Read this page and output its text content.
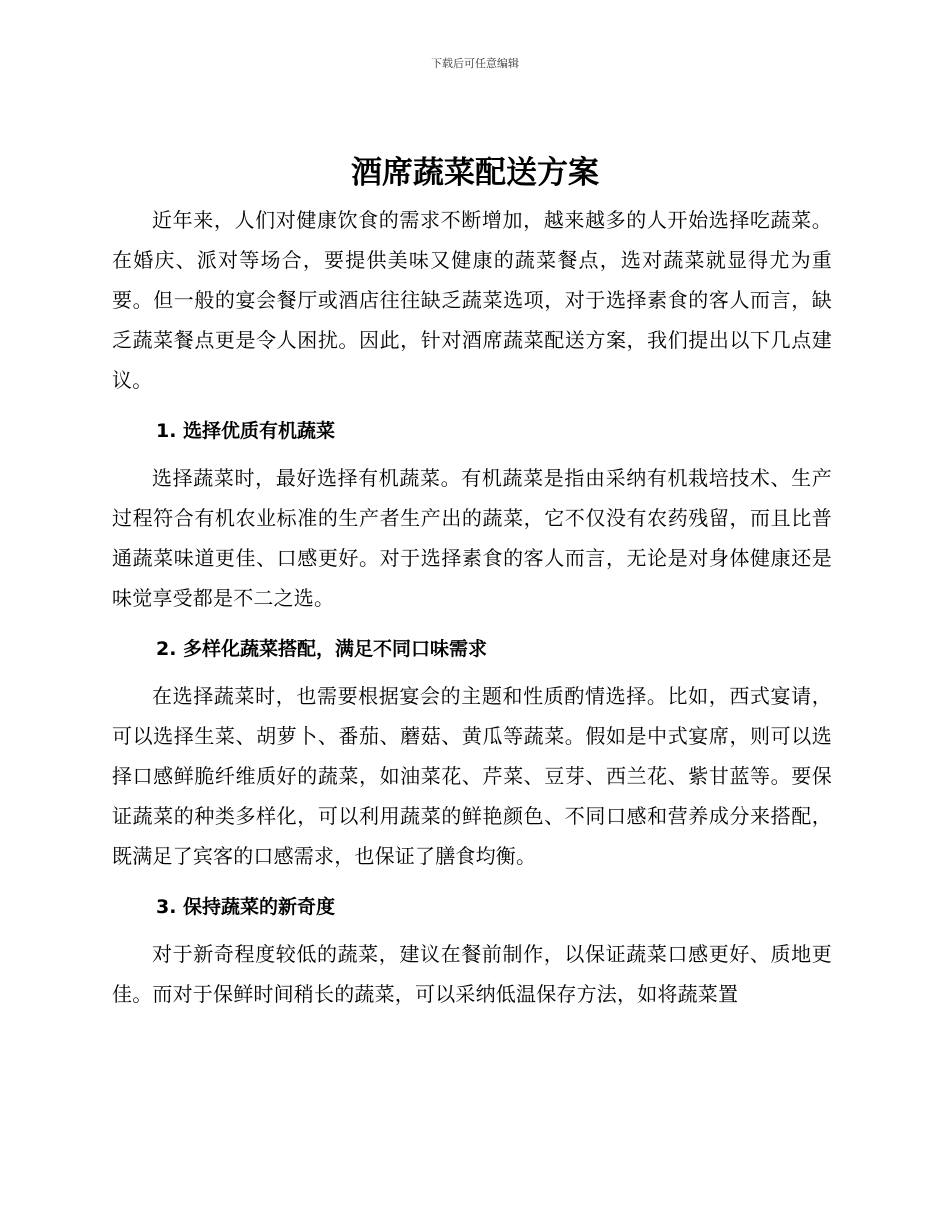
下载后可任意编辑
酒席蔬菜配送方案

近年来，人们对健康饮食的需求不断增加，越来越多的人开始选择吃蔬菜。在婚庆、派对等场合，要提供美味又健康的蔬菜餐点，选对蔬菜就显得尤为重要。但一般的宴会餐厅或酒店往往缺乏蔬菜选项，对于选择素食的客人而言，缺乏蔬菜餐点更是令人困扰。因此，针对酒席蔬菜配送方案，我们提出以下几点建议。

1. 选择优质有机蔬菜

选择蔬菜时，最好选择有机蔬菜。有机蔬菜是指由采纳有机栽培技术、生产过程符合有机农业标准的生产者生产出的蔬菜，它不仅没有农药残留，而且比普通蔬菜味道更佳、口感更好。对于选择素食的客人而言，无论是对身体健康还是味觉享受都是不二之选。

2. 多样化蔬菜搭配，满足不同口味需求

在选择蔬菜时，也需要根据宴会的主题和性质酌情选择。比如，西式宴请，可以选择生菜、胡萝卜、番茄、蘑菇、黄瓜等蔬菜。假如是中式宴席，则可以选择口感鲜脆纤维质好的蔬菜，如油菜花、芹菜、豆芽、西兰花、紫甘蓝等。要保证蔬菜的种类多样化，可以利用蔬菜的鲜艳颜色、不同口感和营养成分来搭配，既满足了宾客的口感需求，也保证了膳食均衡。

3. 保持蔬菜的新奇度

对于新奇程度较低的蔬菜，建议在餐前制作，以保证蔬菜口感更好、质地更佳。而对于保鲜时间稍长的蔬菜，可以采纳低温保存方法，如将蔬菜置
